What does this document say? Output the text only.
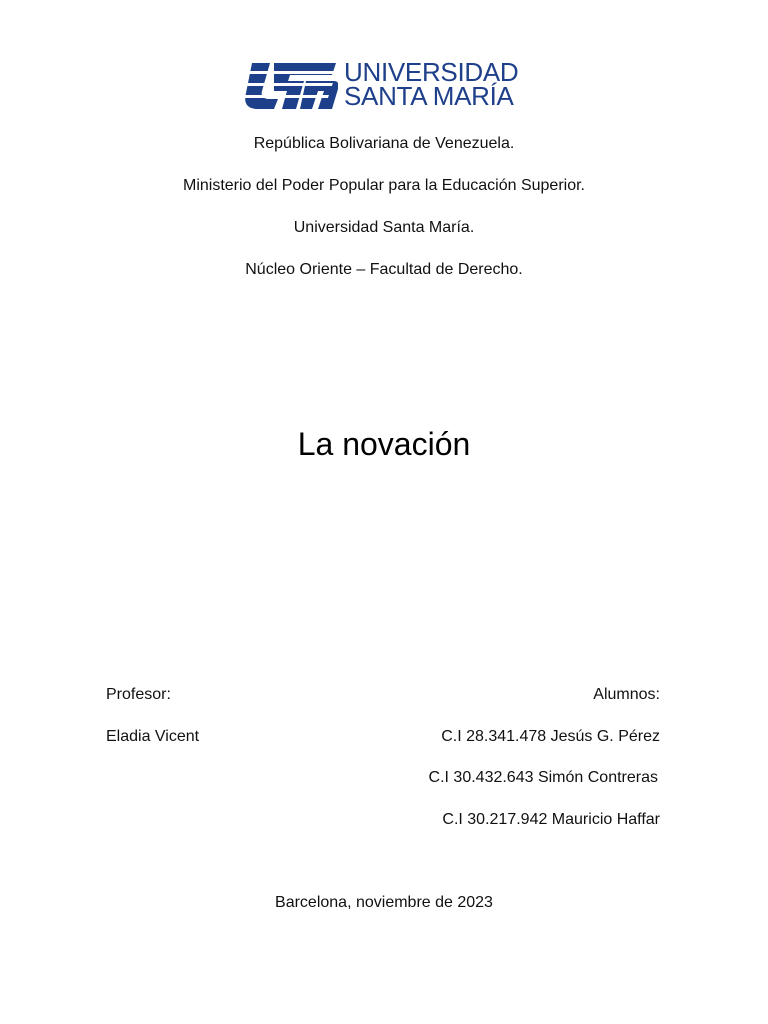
UNIVERSIDAD
SANTA MARÍA
República Bolivariana de Venezuela.
Ministerio del Poder Popular para la Educación Superior.
Universidad Santa María.
Núcleo Oriente – Facultad de Derecho.
La novación
Profesor:
Eladia Vicent
Alumnos:
C.I 28.341.478 Jesús G. Pérez
C.I 30.432.643 Simón Contreras
C.I 30.217.942 Mauricio Haffar
Barcelona, noviembre de 2023
